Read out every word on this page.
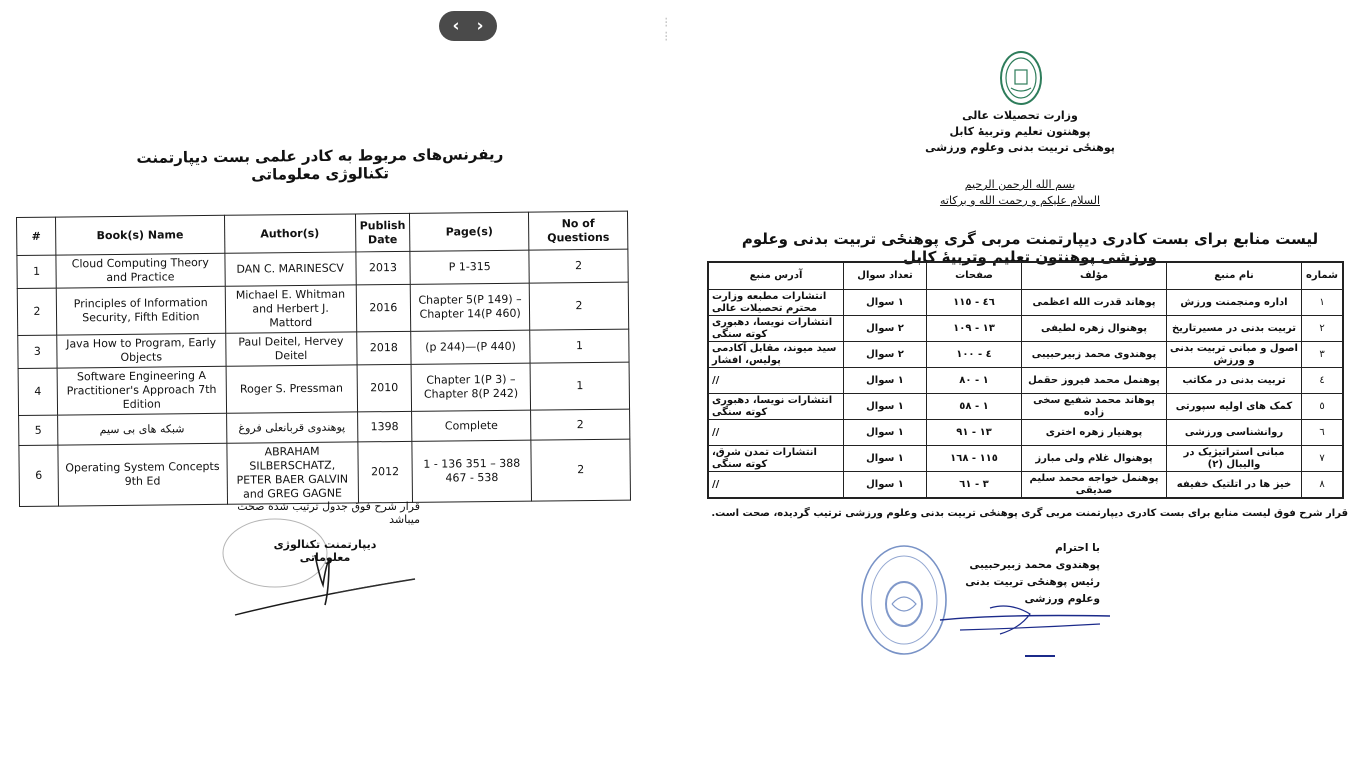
ریفرنس‌های مربوط به کادر علمی بست دیپارتمنت تکنالوژی معلوماتی
#	Book(s) Name	Author(s)	Publish Date	Page(s)	No of Questions
1	Cloud Computing Theory and Practice	DAN C. MARINESCV	2013	P 1-315	2
2	Principles of Information Security, Fifth Edition	Michael E. Whitman and Herbert J. Mattord	2016	Chapter 5(P 149) – Chapter 14(P 460)	2
3	Java How to Program, Early Objects	Paul Deitel, Hervey Deitel	2018	(p 244)—(P 440)	1
4	Software Engineering A Practitioner's Approach 7th Edition	Roger S. Pressman	2010	Chapter 1(P 3) – Chapter 8(P 242)	1
5	شبکه های بی سیم	پوهندوی قربانعلی فروغ	1398	Complete	2
6	Operating System Concepts 9th Ed	ABRAHAM SILBERSCHATZ, PETER BAER GALVIN and GREG GAGNE	2012	1 - 136 351 – 388 467 - 538	2
قرار شرح فوق جدول ترتیب شده صحت میباشد
دیپارتمنت تکنالوژی معلوماتی
وزارت تحصیلات عالی
پوهنتون تعلیم وتربیهٔ کابل
پوهنځی تربیت بدنی وعلوم ورزشی
بسم الله الرحمن الرحیم
السلام علیکم و رحمت الله و برکاته
لیست منابع برای بست کادری دیپارتمنت مربی گری پوهنځی تربیت بدنی وعلوم ورزشی پوهنتون تعلیم وتربیهٔ کابل
شماره	نام منبع	مؤلف	صفحات	تعداد سوال	آدرس منبع
١	اداره ومنجمنت ورزش	پوهاند قدرت الله اعظمی	٤٦ - ١١٥	١ سوال	انتشارات مطبعه وزارت محترم تحصیلات عالی
٢	تربیت بدنی در مسیرتاریخ	پوهنوال زهره لطیفی	١٣ - ١٠٩	٢ سوال	انتشارات نویسا، دهبوری کوته سنگی
٣	اصول و مبانی تربیت بدنی و ورزش	پوهندوی محمد زبیرحبیبی	٤ - ١٠٠	٢ سوال	سید میوند، مقابل آکادمی پولیس، افشار
٤	تربیت بدنی در مکاتب	پوهنمل محمد فیروز حقمل	١ - ٨٠	١ سوال	//
٥	کمک های اولیه سپورتی	پوهاند محمد شفیع سخی زاده	١ - ٥٨	١ سوال	انتشارات نویسا، دهبوری کوته سنگی
٦	روانشناسی ورزشی	پوهنیار زهره اختری	١٣ - ٩١	١ سوال	//
٧	مبانی استراتیژیک در والیبال (٢)	پوهنوال غلام ولی مبارز	١١٥ - ١٦٨	١ سوال	انتشارات تمدن شرق، کوته سنگی
٨	خیز ها در اتلتیک خفیفه	پوهنمل خواجه محمد سلیم صدیقی	٣ - ٦١	١ سوال	//
قرار شرح فوق لیست منابع برای بست کادری دیپارتمنت مربی گری پوهنځی تربیت بدنی وعلوم ورزشی ترتیب گردیده، صحت است.
با احترام
پوهندوی محمد زبیرحبیبی
رئیس پوهنځی تربیت بدنی وعلوم ورزشی
‹ ›	⁝
⁝
